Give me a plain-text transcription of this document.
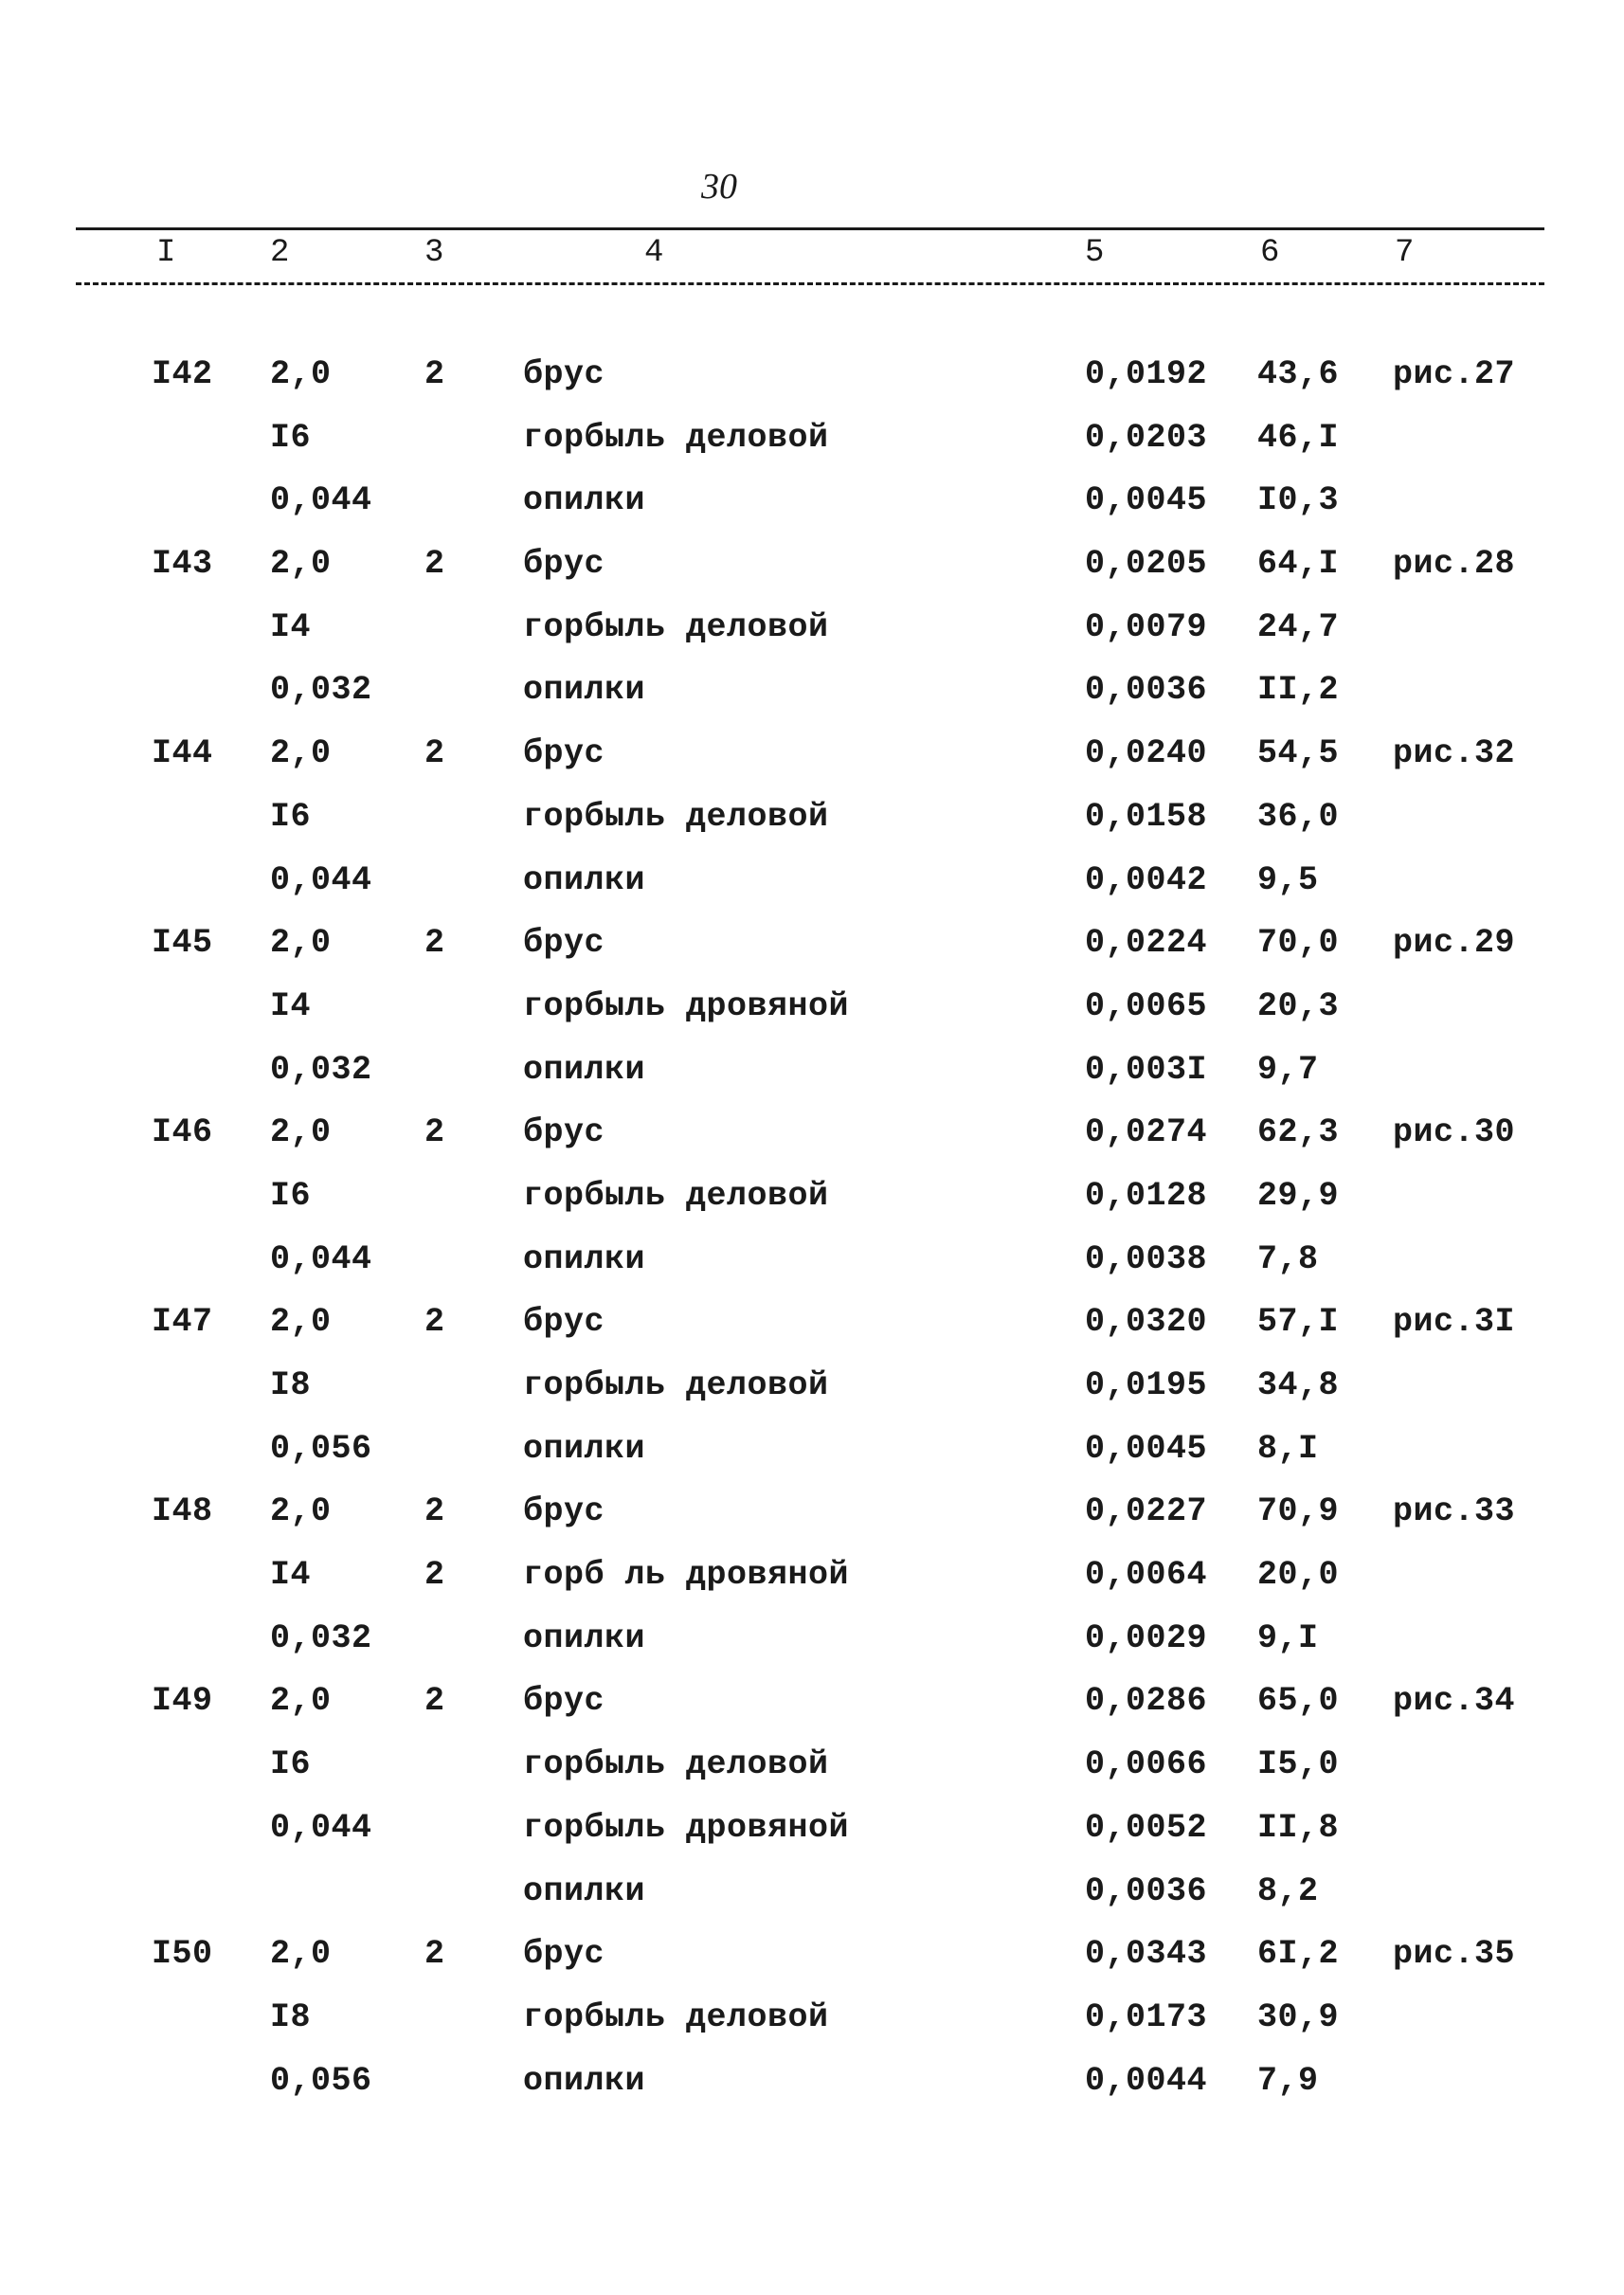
30
I	2	3	4	5	6	7
I42 2,0	2 брус	0,0192 43,6 рис.27
I6	горбыль деловой	0,0203 46,I
0,044	опилки	0,0045 I0,3
I43 2,0	2 брус	0,0205 64,I рис.28
I4	горбыль деловой	0,0079 24,7
0,032	опилки	0,0036 II,2
I44 2,0	2 брус	0,0240 54,5 рис.32
I6	горбыль деловой	0,0158 36,0
0,044	опилки	0,0042 9,5
I45 2,0	2 брус	0,0224 70,0 рис.29
I4	горбыль дровяной	0,0065 20,3
0,032	опилки	0,003I 9,7
I46 2,0	2 брус	0,0274 62,3 рис.30
I6	горбыль деловой	0,0128 29,9
0,044	опилки	0,0038 7,8
I47 2,0	2 брус	0,0320 57,I рис.3I
I8	горбыль деловой	0,0195 34,8
0,056	опилки	0,0045 8,I
I48 2,0	2 брус	0,0227 70,9 рис.33
I4	2 горб ль дровяной	0,0064 20,0
0,032	опилки	0,0029 9,I
I49 2,0	2 брус	0,0286 65,0 рис.34
I6	горбыль деловой	0,0066 I5,0
0,044	горбыль дровяной	0,0052 II,8
опилки	0,0036 8,2
I50 2,0	2 брус	0,0343 6I,2 рис.35
I8	горбыль деловой	0,0173 30,9
0,056	опилки	0,0044 7,9
